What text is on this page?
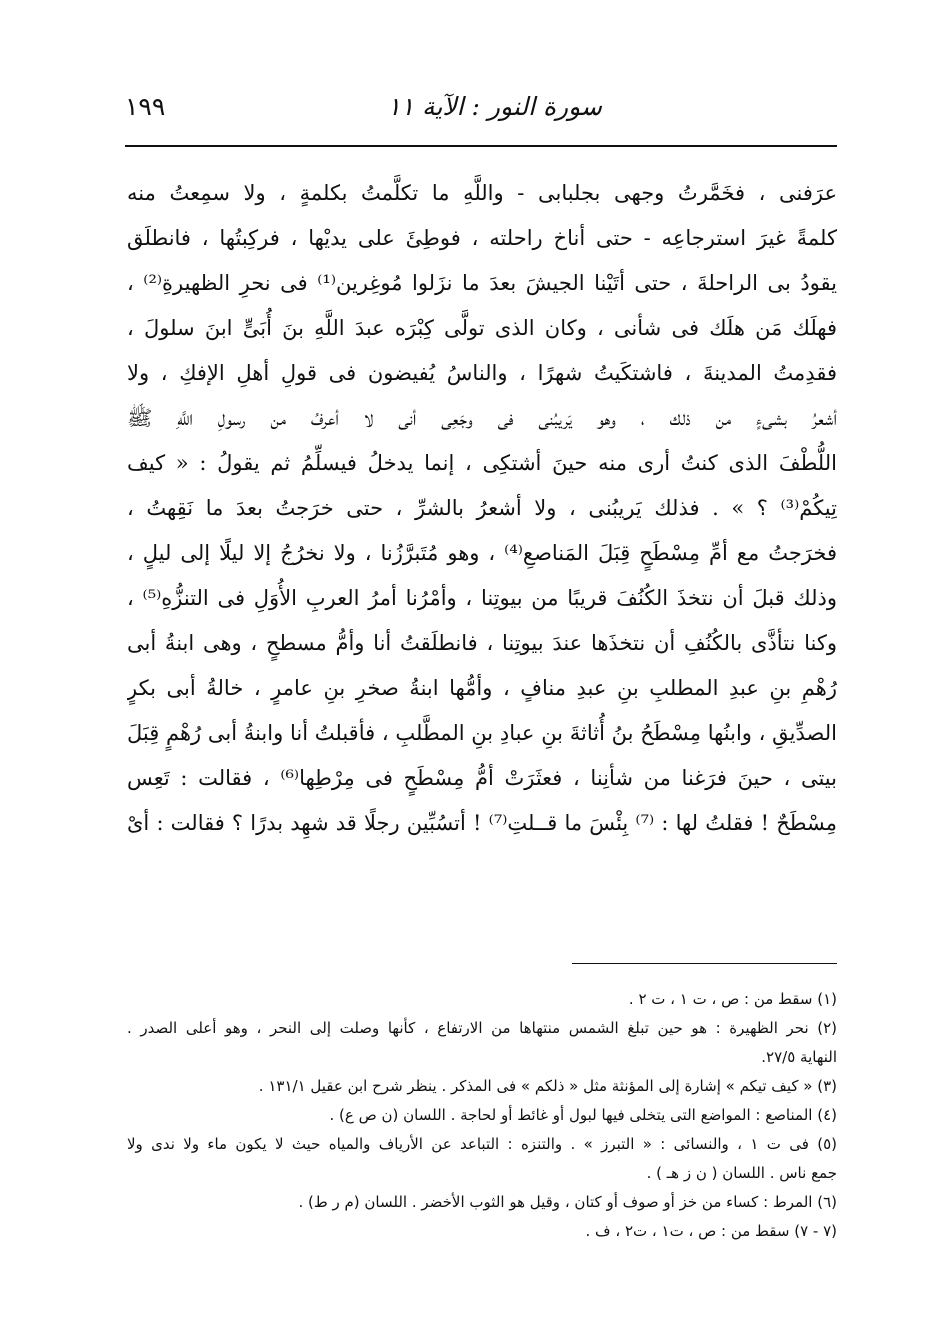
سورة النور : الآية ١١
١٩٩
عرَفنى ، فخَمَّرتُ وجهى بجلبابى - واللَّهِ ما تكلَّمتُ بكلمةٍ ، ولا سمِعتُ منه
كلمةً غيرَ استرجاعِه - حتى أناخ راحلته ، فوطِئَ على يديْها ، فركِبتُها ، فانطلَق
يقودُ بى الراحلةَ ، حتى أتَيْنا الجيشَ بعدَ ما نزَلوا مُوغِرين⁽¹⁾ فى نحرِ الظهيرةِ⁽²⁾ ،
فهلَك مَن هلَك فى شأنى ، وكان الذى تولَّى كِبْرَه عبدَ اللَّهِ بنَ أُبَىٍّ ابنَ سلولَ ،
فقدِمتُ المدينةَ ، فاشتكَيتُ شهرًا ، والناسُ يُفيضون فى قولِ أهلِ الإفكِ ، ولا
أشعرُ بشىءٍ من ذلك ، وهو يَريبُنى فى وجَعِى أنى لا أعرفُ من رسولِ اللَّهِ ﷺ
اللُّطْفَ الذى كنتُ أرى منه حينَ أشتكِى ، إنما يدخلُ فيسلِّمُ ثم يقولُ : « كيف
تِيكُمْ⁽³⁾ ؟ » . فذلك يَريبُنى ، ولا أشعرُ بالشرِّ ، حتى خرَجتُ بعدَ ما نَقِهتُ ،
فخرَجتُ مع أمِّ مِسْطَحٍ قِبَلَ المَناصعِ⁽⁴⁾ ، وهو مُتَبرَّزُنا ، ولا نخرُجُ إلا ليلًا إلى ليلٍ ،
وذلك قبلَ أن نتخذَ الكُنُفَ قريبًا من بيوتِنا ، وأمْرُنا أمرُ العربِ الأُوَلِ فى التنزُّهِ⁽⁵⁾ ،
وكنا نتأذَّى بالكُنُفِ أن نتخذَها عندَ بيوتِنا ، فانطلَقتُ أنا وأمُّ مسطحٍ ، وهى ابنةُ أبى
رُهْمِ بنِ عبدِ المطلبِ بنِ عبدِ منافٍ ، وأمُّها ابنةُ صخرِ بنِ عامرٍ ، خالةُ أبى بكرٍ
الصدِّيقِ ، وابنُها مِسْطَحُ بنُ أُثاثةَ بنِ عبادِ بنِ المطَّلبِ ، فأقبلتُ أنا وابنةُ أبى رُهْمٍ قِبَلَ
بيتى ، حينَ فرَغنا من شأنِنا ، فعثَرَتْ أمُّ مِسْطَحٍ فى مِرْطِها⁽⁶⁾ ، فقالت : تَعِس
مِسْطَحٌ ! فقلتُ لها : ⁽⁷⁾ بِئْسَ ما قــلتِ⁽⁷⁾ ! أتسُبِّين رجلًا قد شهِد بدرًا ؟ فقالت : أىْ
(١) سقط من : ص ، ت ١ ، ت ٢ .
(٢) نحر الظهيرة : هو حين تبلغ الشمس منتهاها من الارتفاع ، كأنها وصلت إلى النحر ، وهو أعلى الصدر .
النهاية ٢٧/٥.
(٣) « كيف تيكم » إشارة إلى المؤنثة مثل « ذلكم » فى المذكر . ينظر شرح ابن عقيل ١٣١/١ .
(٤) المناصع : المواضع التى يتخلى فيها لبول أو غائط أو لحاجة . اللسان (ن ص ع) .
(٥) فى ت ١ ، والنسائى : « التبرز » . والتنزه : التباعد عن الأرياف والمياه حيث لا يكون ماء ولا ندى ولا
جمع ناس . اللسان ( ن ز هـ ) .
(٦) المرط : كساء من خز أو صوف أو كتان ، وقيل هو الثوب الأخضر . اللسان (م ر ط) .
(٧ - ٧) سقط من : ص ، ت١ ، ت٢ ، ف .
